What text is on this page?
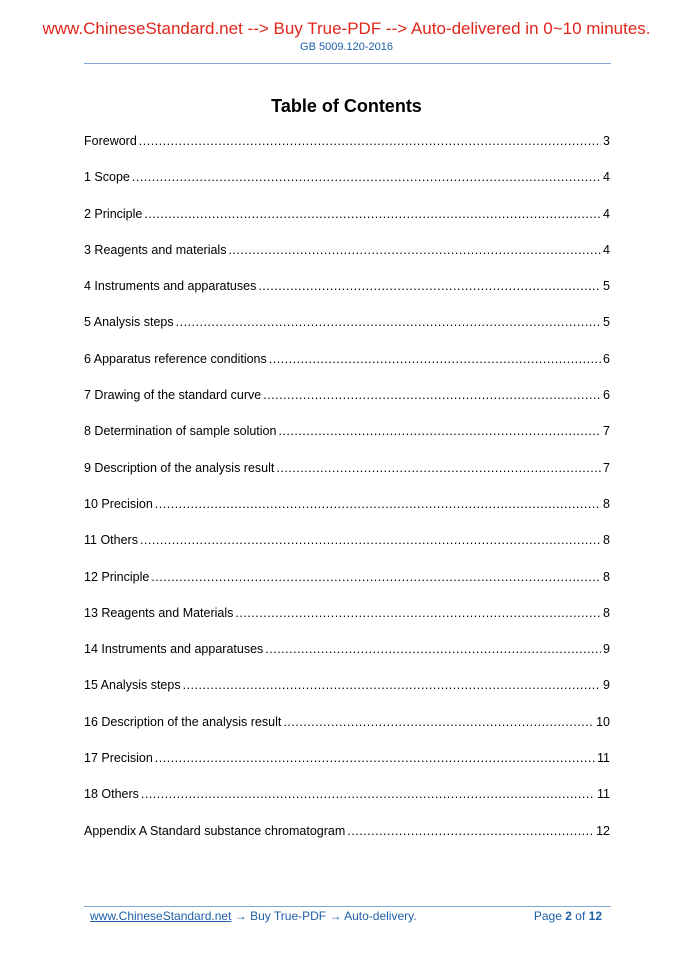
www.ChineseStandard.net --> Buy True-PDF --> Auto-delivered in 0~10 minutes.
GB 5009.120-2016
Table of Contents
Foreword .....	3
1 Scope .....	4
2 Principle .....	4
3 Reagents and materials .....	4
4 Instruments and apparatuses .....	5
5 Analysis steps .....	5
6 Apparatus reference conditions .....	6
7 Drawing of the standard curve .....	6
8 Determination of sample solution .....	7
9 Description of the analysis result .....	7
10 Precision .....	8
11 Others .....	8
12 Principle .....	8
13 Reagents and Materials .....	8
14 Instruments and apparatuses .....	9
15 Analysis steps .....	9
16 Description of the analysis result .....	10
17 Precision .....	11
18 Others .....	11
Appendix A Standard substance chromatogram .....	12
www.ChineseStandard.net → Buy True-PDF → Auto-delivery.	Page 2 of 12
